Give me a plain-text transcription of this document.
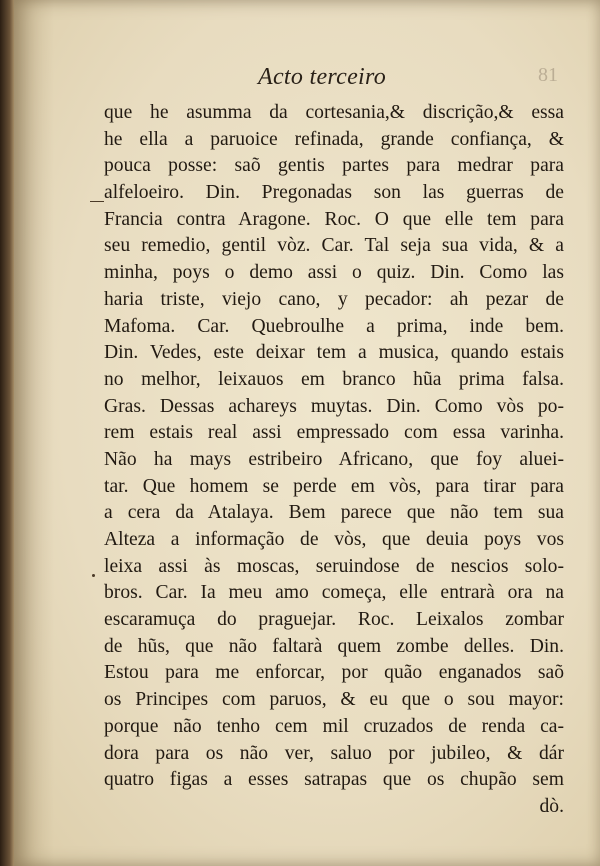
Acto terceiro	81
que he asumma da cortesania,& discrição,& essa
he ella a paruoice refinada, grande confiança, &
pouca posse: saõ gentis partes para medrar para
alfeloeiro. Din. Pregonadas son las guerras de
Francia contra Aragone. Roc. O que elle tem para
seu remedio, gentil vòz. Car. Tal seja sua vida, & a
minha, poys o demo assi o quiz. Din. Como las
haria triste, viejo cano, y pecador: ah pezar de
Mafoma. Car. Quebroulhe a prima, inde bem.
Din. Vedes, este deixar tem a musica, quando estais
no melhor, leixauos em branco hũa prima falsa.
Gras. Dessas achareys muytas. Din. Como vòs po-
rem estais real assi empressado com essa varinha.
Não ha mays estribeiro Africano, que foy aluei-
tar. Que homem se perde em vòs, para tirar para
a cera da Atalaya. Bem parece que não tem sua
Alteza a informação de vòs, que deuia poys vos
leixa assi às moscas, seruindose de nescios solo-
bros. Car. Ia meu amo começa, elle entrarà ora na
escaramuça do praguejar. Roc. Leixalos zombar
de hũs, que não faltarà quem zombe delles. Din.
Estou para me enforcar, por quão enganados saõ
os Principes com paruos, & eu que o sou mayor:
porque não tenho cem mil cruzados de renda ca-
dora para os não ver, saluo por jubileo, & dár
quatro figas a esses satrapas que os chupão sem
dò.
